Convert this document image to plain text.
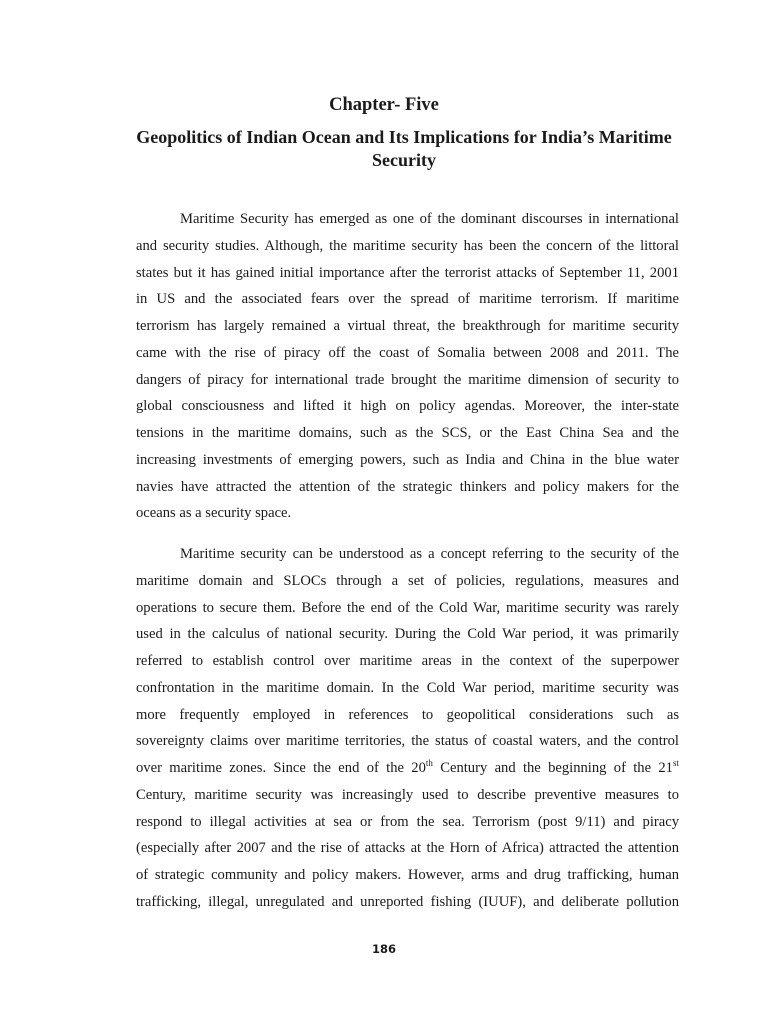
Chapter- Five
Geopolitics of Indian Ocean and Its Implications for India’s Maritime Security
Maritime Security has emerged as one of the dominant discourses in international
and security studies. Although, the maritime security has been the concern of the littoral
states but it has gained initial importance after the terrorist attacks of September 11, 2001
in US and the associated fears over the spread of maritime terrorism. If maritime
terrorism has largely remained a virtual threat, the breakthrough for maritime security
came with the rise of piracy off the coast of Somalia between 2008 and 2011. The
dangers of piracy for international trade brought the maritime dimension of security to
global consciousness and lifted it high on policy agendas. Moreover, the inter-state
tensions in the maritime domains, such as the SCS, or the East China Sea and the
increasing investments of emerging powers, such as India and China in the blue water
navies have attracted the attention of the strategic thinkers and policy makers for the
oceans as a security space.
Maritime security can be understood as a concept referring to the security of the
maritime domain and SLOCs through a set of policies, regulations, measures and
operations to secure them. Before the end of the Cold War, maritime security was rarely
used in the calculus of national security. During the Cold War period, it was primarily
referred to establish control over maritime areas in the context of the superpower
confrontation in the maritime domain. In the Cold War period, maritime security was
more frequently employed in references to geopolitical considerations such as
sovereignty claims over maritime territories, the status of coastal waters, and the control
over maritime zones. Since the end of the 20th Century and the beginning of the 21st
Century, maritime security was increasingly used to describe preventive measures to
respond to illegal activities at sea or from the sea. Terrorism (post 9/11) and piracy
(especially after 2007 and the rise of attacks at the Horn of Africa) attracted the attention
of strategic community and policy makers. However, arms and drug trafficking, human
trafficking, illegal, unregulated and unreported fishing (IUUF), and deliberate pollution
186
